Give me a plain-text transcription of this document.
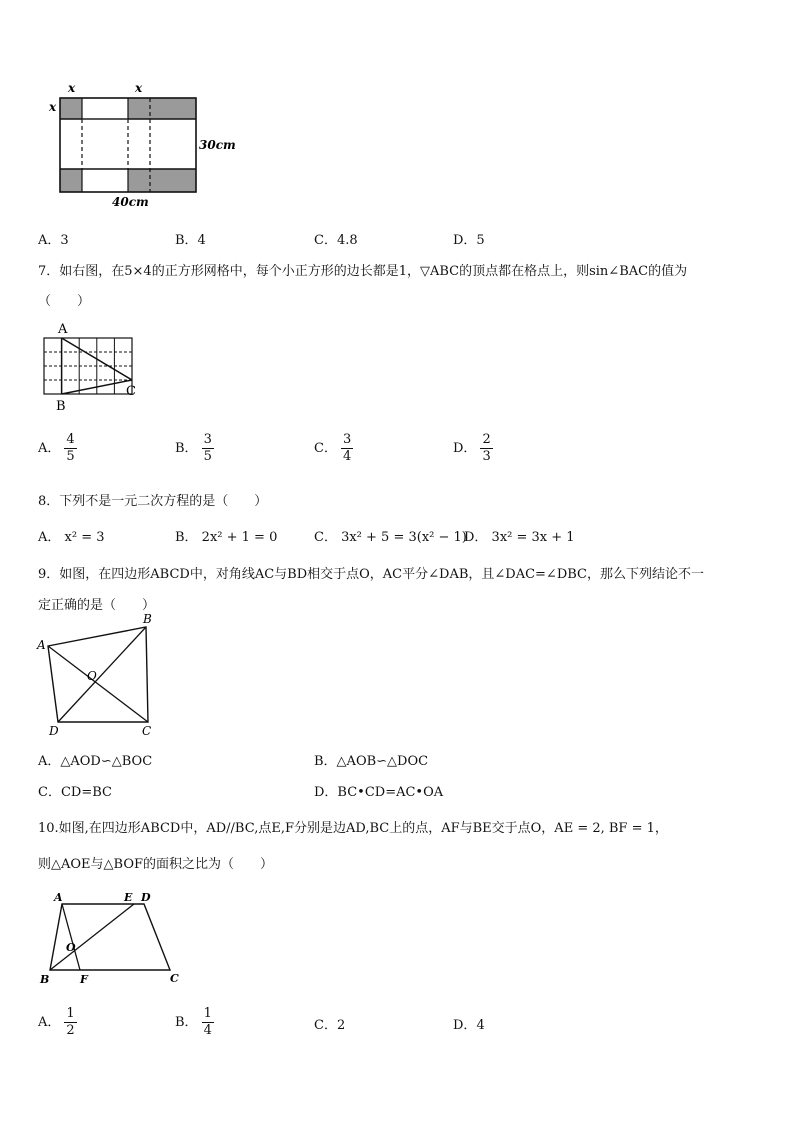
x	x
x
30cm
40cm
A．3	B．4	C．4.8	D．5
7．如右图，在5×4的正方形网格中，每个小正方形的边长都是1，▽ABC的顶点都在格点上，则sin∠BAC的值为
（　　）
A
B
C
A． $\frac{4}{5}$	B． $\frac{3}{5}$	C． $\frac{3}{4}$	D． $\frac{2}{3}$
8．下列不是一元二次方程的是（　　）
A． x² = 3	B． 2x² + 1 = 0	C． 3x² + 5 = 3(x² − 1)
D． 3x² = 3x + 1
9．如图，在四边形ABCD中，对角线AC与BD相交于点O，AC平分∠DAB，且∠DAC=∠DBC，那么下列结论不一
定正确的是（　　）
A
B
C
D
O
A．△AOD∽△BOC	B．△AOB∽△DOC
C．CD=BC	D．BC•CD=AC•OA
10.如图,在四边形ABCD中，AD//BC,点E,F分别是边AD,BC上的点，AF与BE交于点O，AE = 2, BF = 1，
则△AOE与△BOF的面积之比为（　　）
A	E D
O
B	F	C
A． $\frac{1}{2}$	B． $\frac{1}{4}$	C．2	D．4
